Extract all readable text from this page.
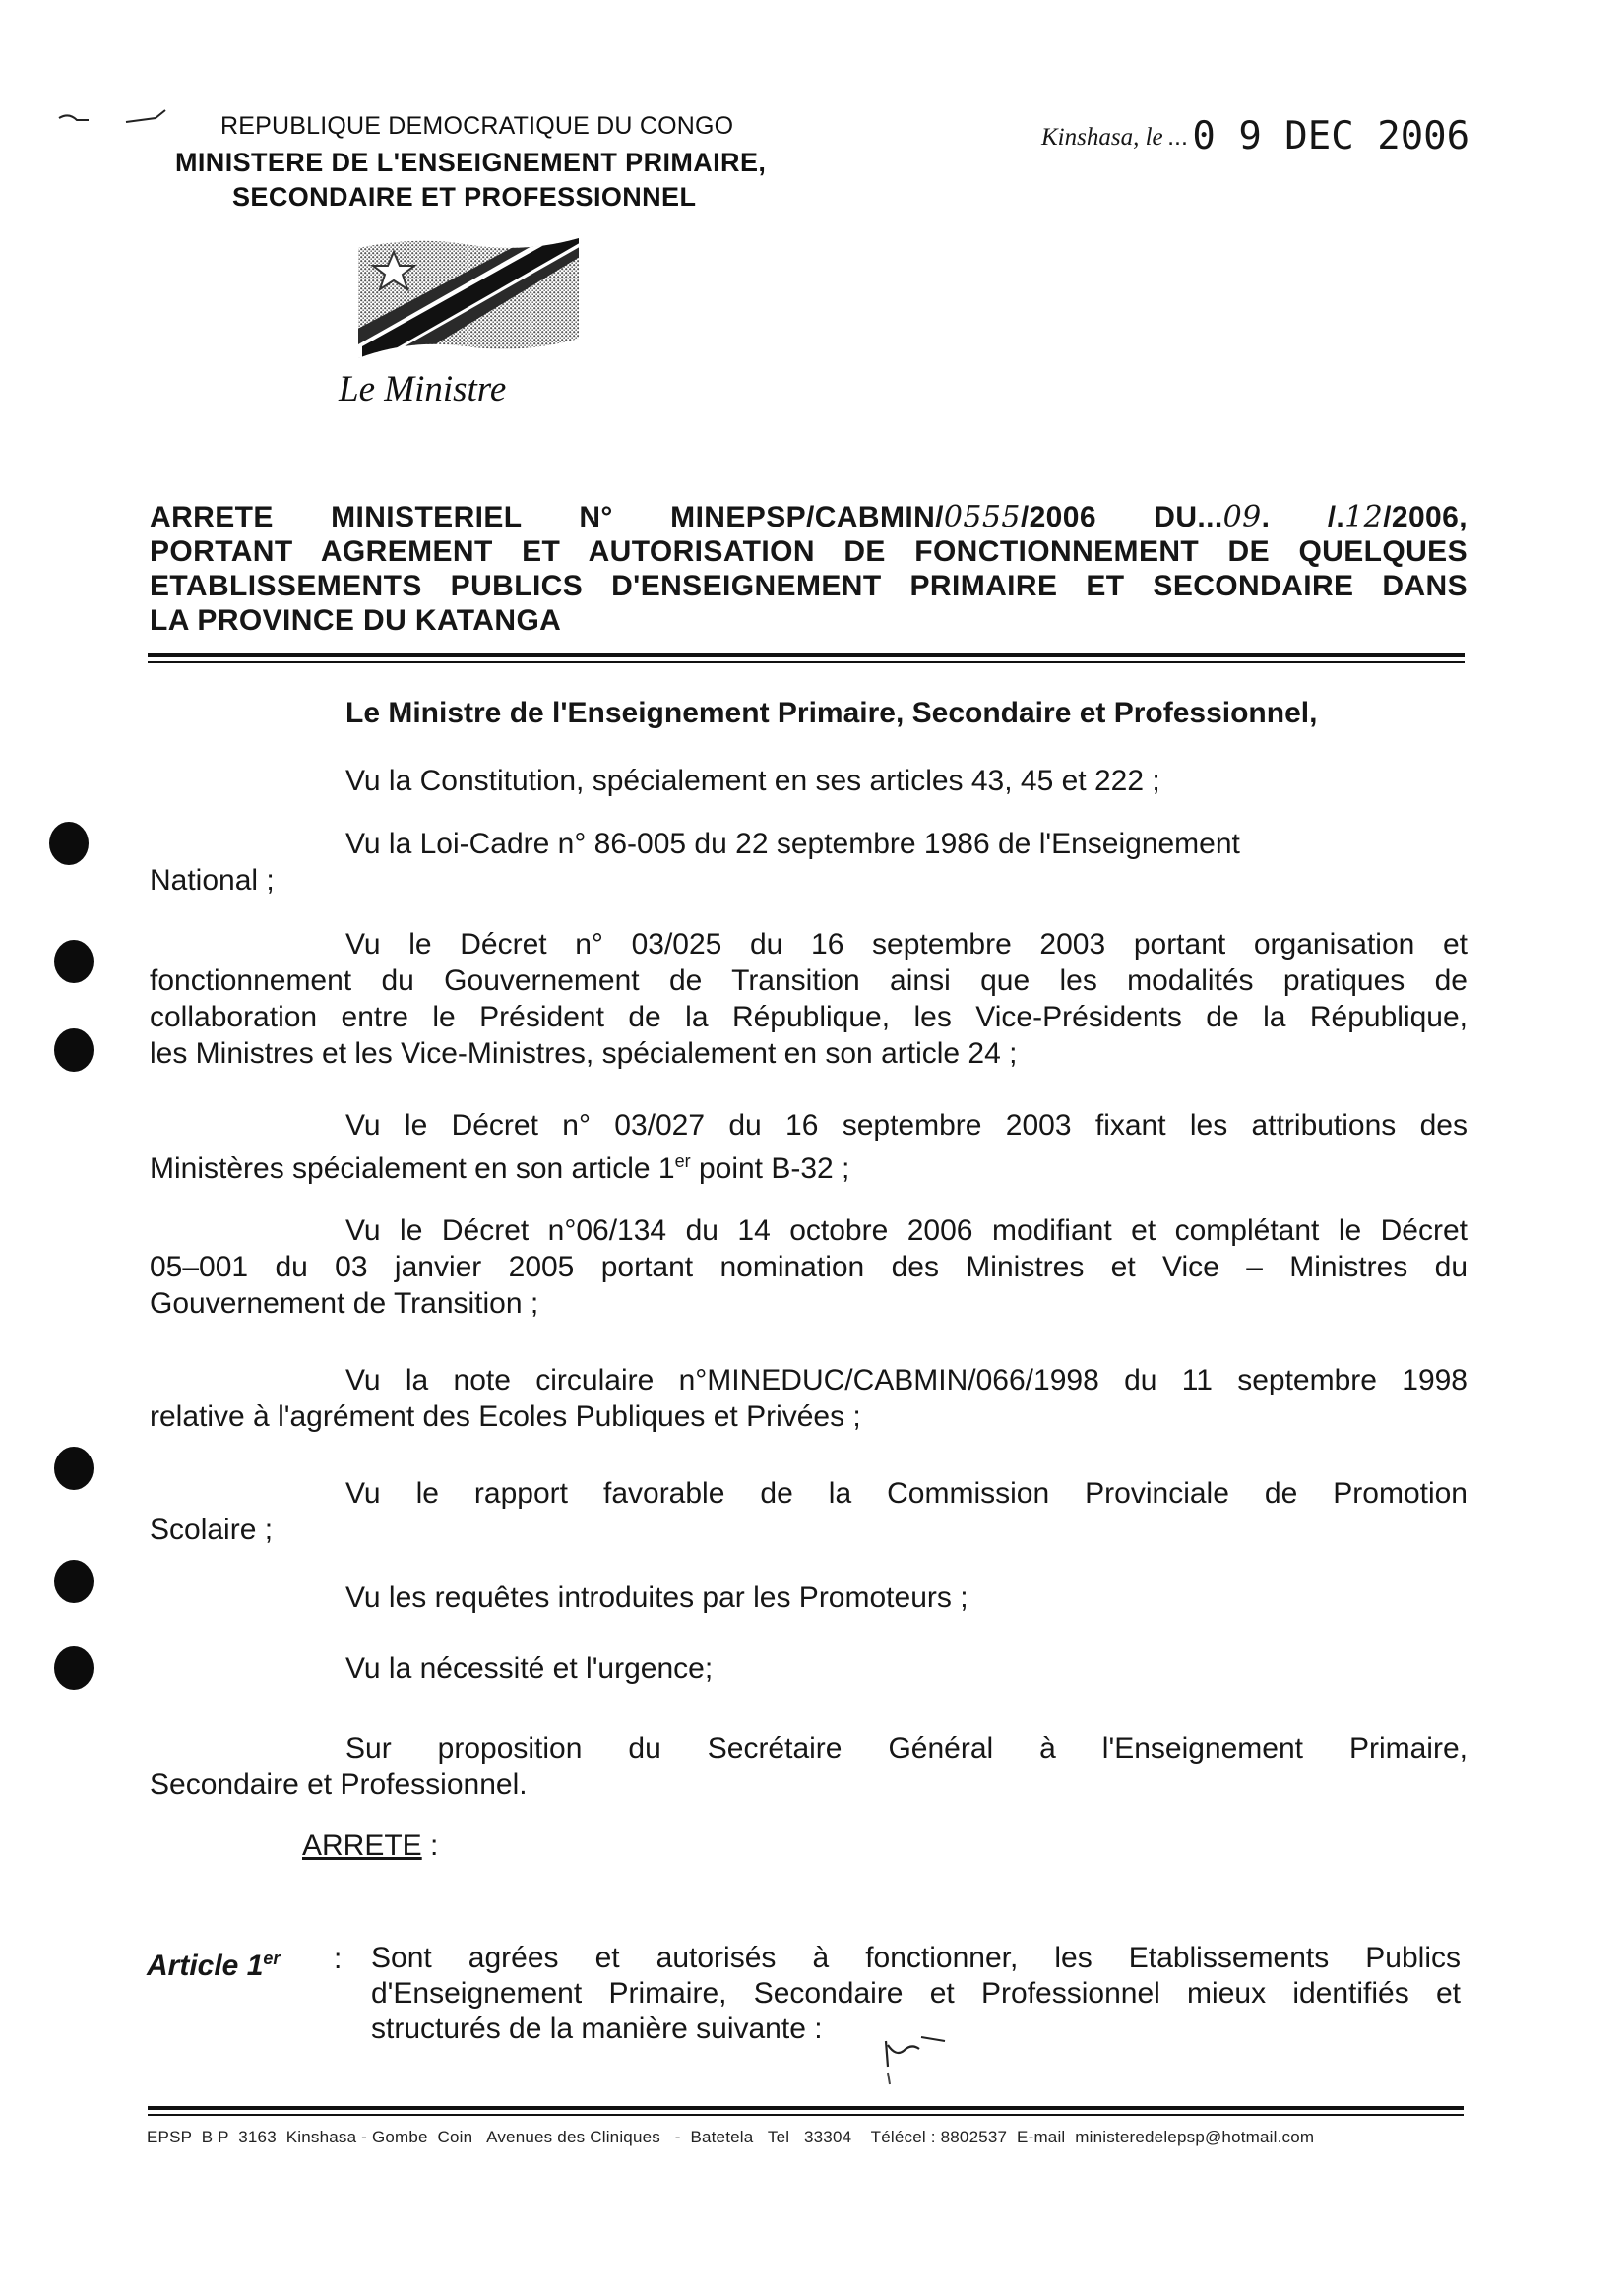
REPUBLIQUE DEMOCRATIQUE DU CONGO
MINISTERE DE L'ENSEIGNEMENT PRIMAIRE,
SECONDAIRE ET PROFESSIONNEL
Le Ministre
Kinshasa, le ... 0 9 DEC 2006
ARRETE MINISTERIEL N° MINEPSP/CABMIN/0555/2006 DU...09. /.12/2006,
PORTANT AGREMENT ET AUTORISATION DE FONCTIONNEMENT DE QUELQUES
ETABLISSEMENTS PUBLICS D'ENSEIGNEMENT PRIMAIRE ET SECONDAIRE DANS
LA PROVINCE DU KATANGA
Le Ministre de l'Enseignement Primaire, Secondaire et Professionnel,
Vu la Constitution, spécialement en ses articles 43, 45 et 222 ;
Vu la Loi-Cadre n° 86-005 du 22 septembre 1986 de l'Enseignement
National ;
Vu le Décret n° 03/025 du 16 septembre 2003 portant organisation et
fonctionnement du Gouvernement de Transition ainsi que les modalités pratiques de
collaboration entre le Président de la République, les Vice-Présidents de la République,
les Ministres et les Vice-Ministres, spécialement en son article 24 ;
Vu le Décret n° 03/027 du 16 septembre 2003 fixant les attributions des
Ministères spécialement en son article 1er point B-32 ;
Vu le Décret n°06/134 du 14 octobre 2006 modifiant et complétant le Décret
05–001 du 03 janvier 2005 portant nomination des Ministres et Vice – Ministres du
Gouvernement de Transition ;
Vu la note circulaire n°MINEDUC/CABMIN/066/1998 du 11 septembre 1998
relative à l'agrément des Ecoles Publiques et Privées ;
Vu le rapport favorable de la Commission Provinciale de Promotion
Scolaire ;
Vu les requêtes introduites par les Promoteurs ;
Vu la nécessité et l'urgence;
Sur proposition du Secrétaire Général à l'Enseignement Primaire,
Secondaire et Professionnel.
ARRETE :
Article 1er : Sont agrées et autorisés à fonctionner, les Etablissements Publics
d'Enseignement Primaire, Secondaire et Professionnel mieux identifiés et
structurés de la manière suivante :
EPSP  B P  3163  Kinshasa - Gombe  Coin   Avenues des Cliniques   -  Batetela   Tel   33304    Télécel : 8802537  E-mail  ministeredelepsp@hotmail.com
